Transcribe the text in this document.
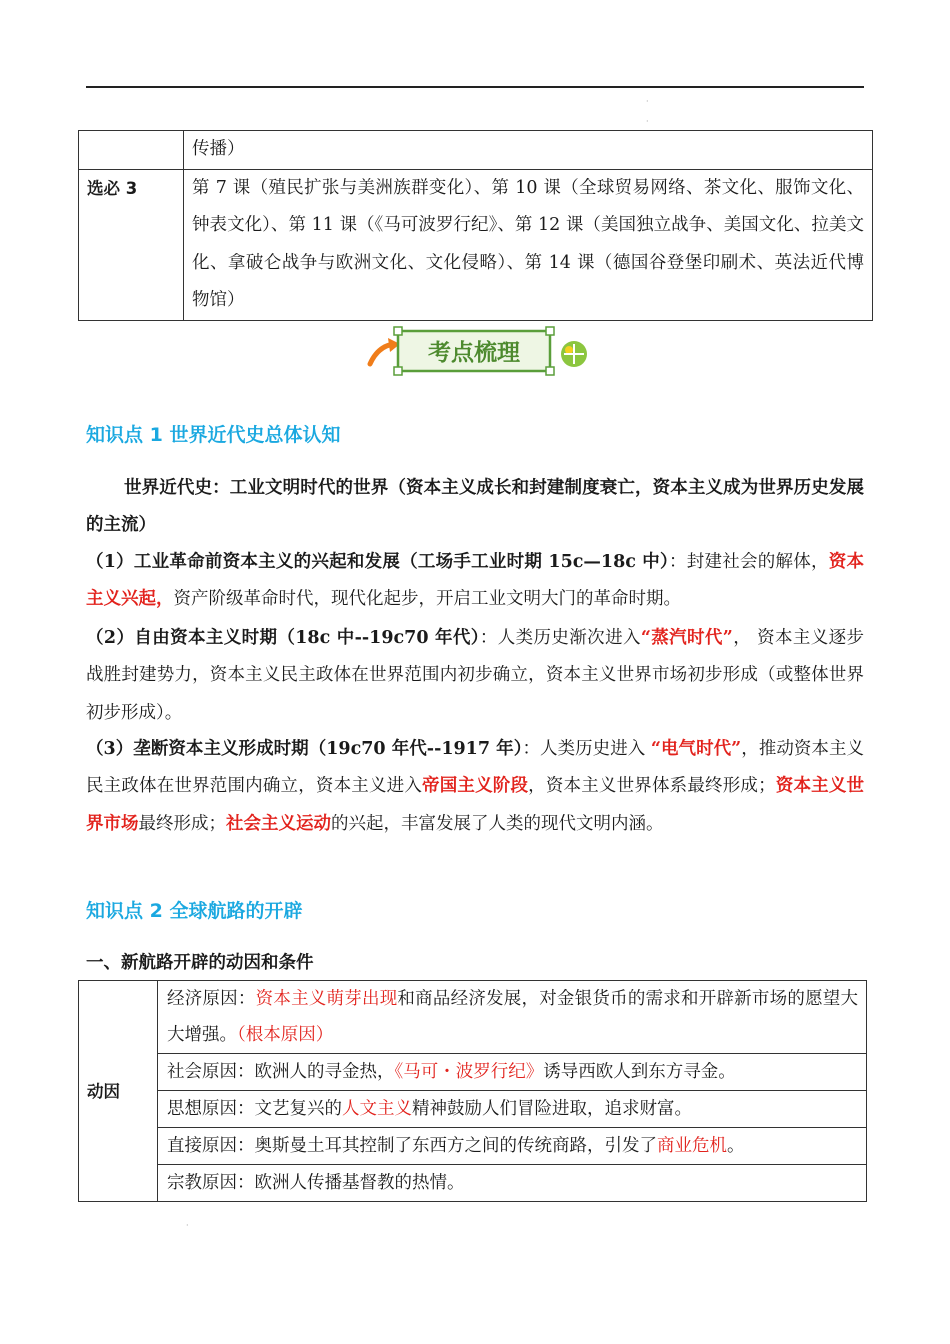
·
·
·
	传播）
选必 3	第 7 课（殖民扩张与美洲族群变化）、第 10 课（全球贸易网络、茶文化、服饰文化、钟表文化）、第 11 课（《马可波罗行纪》、第 12 课（美国独立战争、美国文化、拉美文化、拿破仑战争与欧洲文化、文化侵略）、第 14 课（德国谷登堡印刷术、英法近代博物馆）
考点梳理
知识点 1 世界近代史总体认知
世界近代史：工业文明时代的世界（资本主义成长和封建制度衰亡，资本主义成为世界历史发展的主流）
（1）工业革命前资本主义的兴起和发展（工场手工业时期 15c—18c 中）：封建社会的解体，资本主义兴起，资产阶级革命时代，现代化起步，开启工业文明大门的革命时期。
（2）自由资本主义时期（18c 中--19c70 年代）：人类历史渐次进入“蒸汽时代”， 资本主义逐步战胜封建势力，资本主义民主政体在世界范围内初步确立，资本主义世界市场初步形成（或整体世界初步形成）。
（3）垄断资本主义形成时期（19c70 年代--1917 年）：人类历史进入 “电气时代”，推动资本主义民主政体在世界范围内确立，资本主义进入帝国主义阶段，资本主义世界体系最终形成；资本主义世界市场最终形成；社会主义运动的兴起，丰富发展了人类的现代文明内涵。
知识点 2 全球航路的开辟
一、新航路开辟的动因和条件
动因	经济原因：资本主义萌芽出现和商品经济发展，对金银货币的需求和开辟新市场的愿望大大增强。（根本原因）
社会原因：欧洲人的寻金热，《马可・波罗行纪》诱导西欧人到东方寻金。
思想原因：文艺复兴的人文主义精神鼓励人们冒险进取，追求财富。
直接原因：奥斯曼土耳其控制了东西方之间的传统商路，引发了商业危机。
宗教原因：欧洲人传播基督教的热情。
